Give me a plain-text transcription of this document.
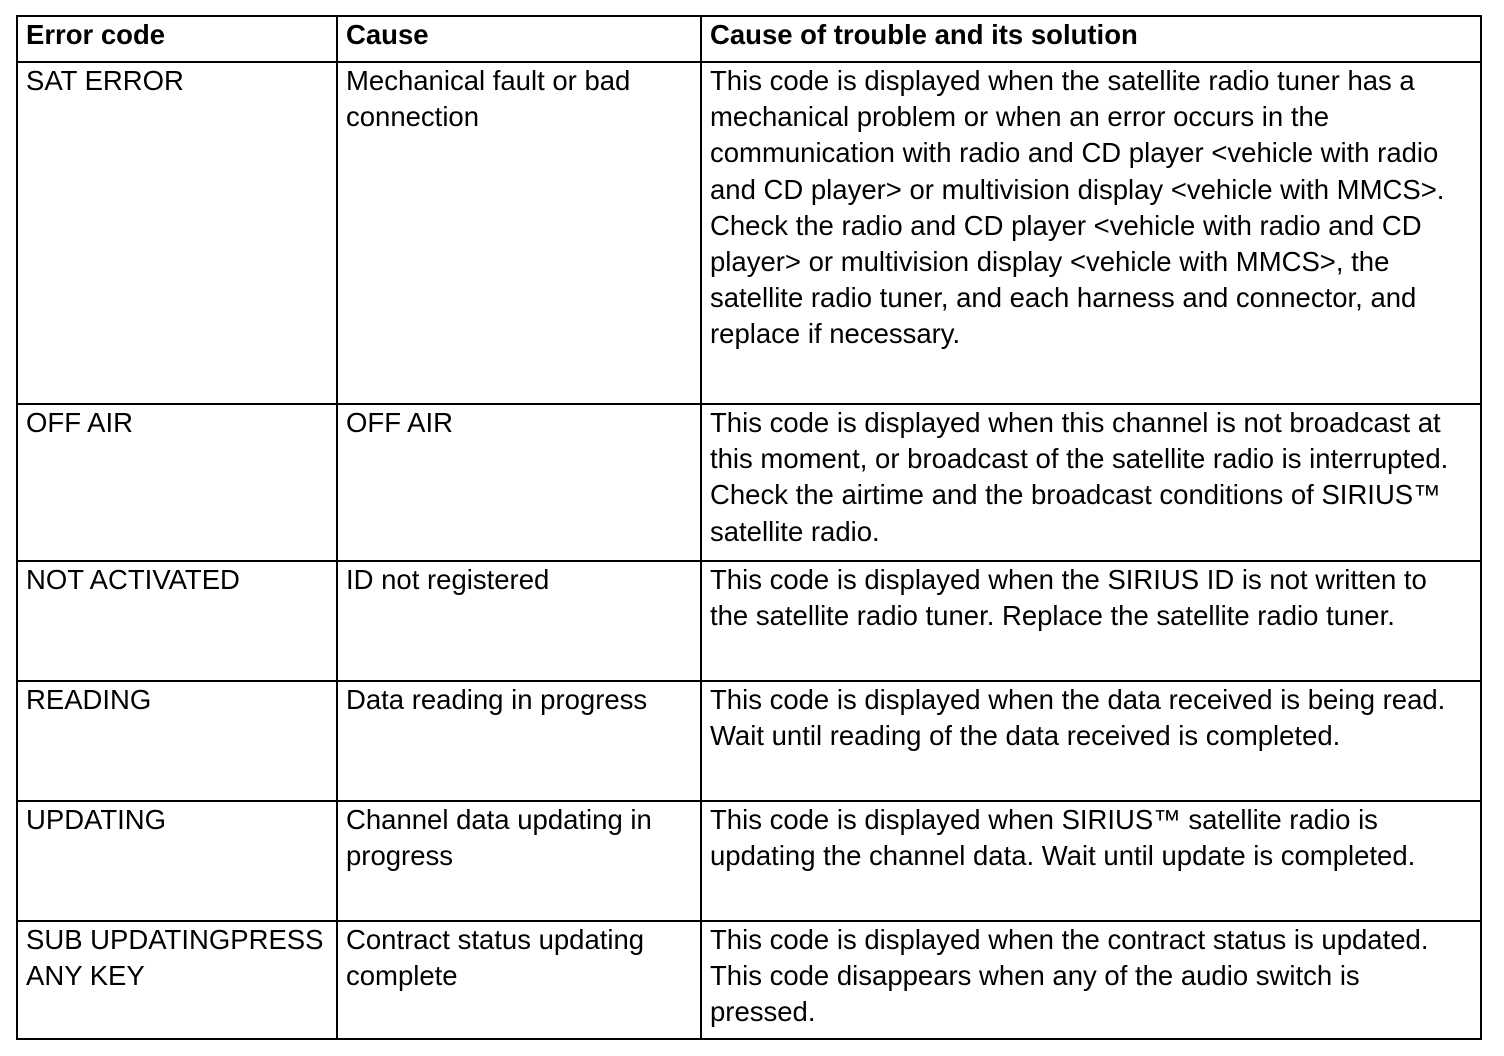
Error code	Cause	Cause of trouble and its solution
SAT ERROR	Mechanical fault or bad connection	This code is displayed when the satellite radio tuner has a mechanical problem or when an error occurs in the communication with radio and CD player <vehicle with radio and CD player> or multivision display <vehicle with MMCS>. Check the radio and CD player <vehicle with radio and CD player> or multivision display <vehicle with MMCS>, the satellite radio tuner, and each harness and connector, and replace if necessary.
OFF AIR	OFF AIR	This code is displayed when this channel is not broadcast at this moment, or broadcast of the satellite radio is interrupted. Check the airtime and the broadcast conditions of SIRIUS™ satellite radio.
NOT ACTIVATED	ID not registered	This code is displayed when the SIRIUS ID is not written to the satellite radio tuner. Replace the satellite radio tuner.
READING	Data reading in progress	This code is displayed when the data received is being read. Wait until reading of the data received is completed.
UPDATING	Channel data updating in progress	This code is displayed when SIRIUS™ satellite radio is updating the channel data. Wait until update is completed.
SUB UPDATINGPRESS ANY KEY	Contract status updating complete	This code is displayed when the contract status is updated. This code disappears when any of the audio switch is pressed.
